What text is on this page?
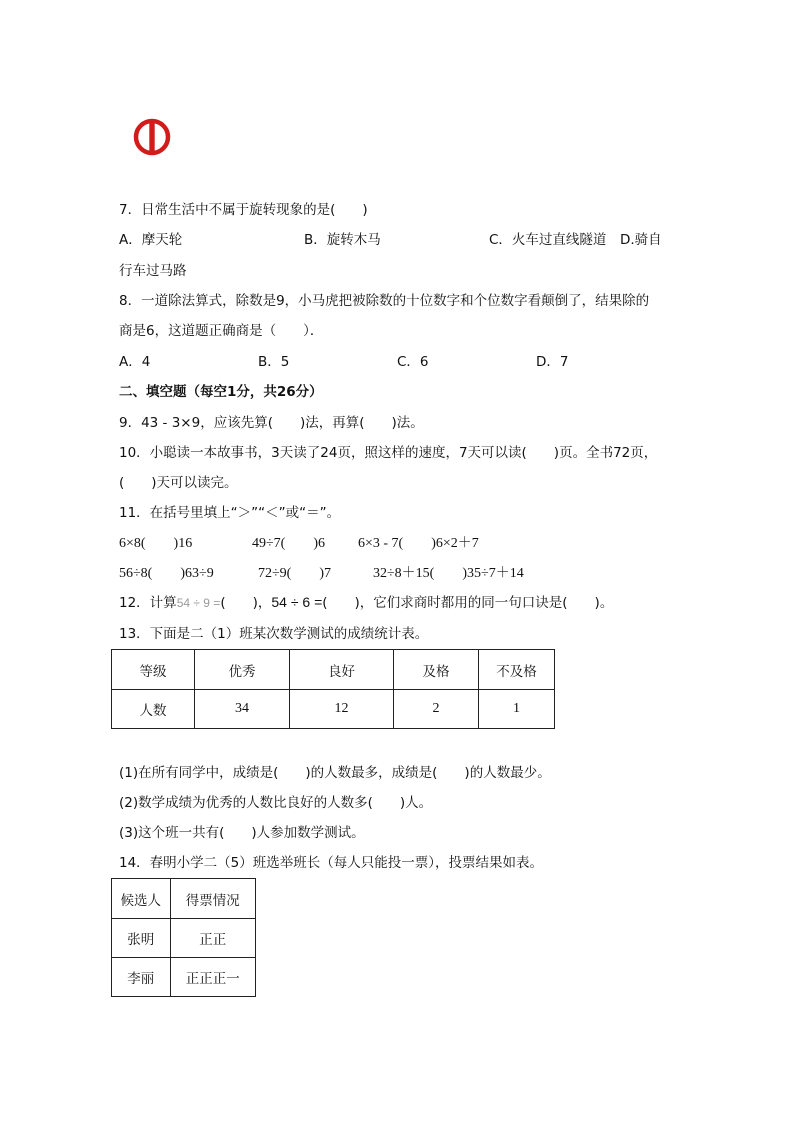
7．日常生活中不属于旋转现象的是(　　)
A．摩天轮	B．旋转木马	C．火车过直线隧道 D.骑自
行车过马路
8．一道除法算式，除数是9，小马虎把被除数的十位数字和个位数字看颠倒了，结果除的
商是6，这道题正确商是（　　）．
A．4	B．5	C．6	D．7
二、填空题（每空1分，共26分）
9．43 - 3×9，应该先算(　　)法，再算(　　)法。
10．小聪读一本故事书，3天读了24页，照这样的速度，7天可以读(　　)页。全书72页，
(　　)天可以读完。
11．在括号里填上“＞”“＜”或“＝”。
6×8(　　)16	49÷7(　　)6 6×3 - 7(　　)6×2＋7
56÷8(　　)63÷9	72÷9(　　)7	32÷8＋15(　　)35÷7＋14
12．计算54 ÷ 9 =(　　)，54 ÷ 6 =(　　)，它们求商时都用的同一句口诀是(　　)。
13．下面是二（1）班某次数学测试的成绩统计表。
等级	优秀	良好	及格	不及格
人数	34	12	2	1
(1)在所有同学中，成绩是(　　)的人数最多，成绩是(　　)的人数最少。
(2)数学成绩为优秀的人数比良好的人数多(　　)人。
(3)这个班一共有(　　)人参加数学测试。
14．春明小学二（5）班选举班长（每人只能投一票），投票结果如表。
候选人	得票情况
张明	正正
李丽	正正正一
